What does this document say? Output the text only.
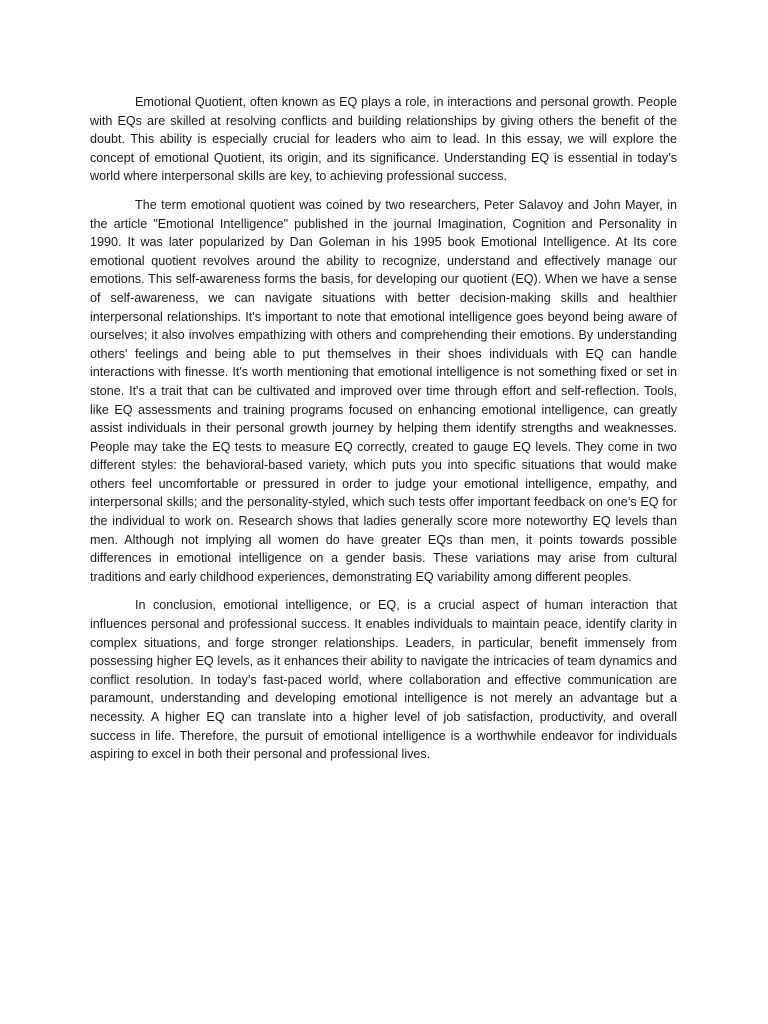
Emotional Quotient, often known as EQ plays a role, in interactions and personal growth. People with EQs are skilled at resolving conflicts and building relationships by giving others the benefit of the doubt. This ability is especially crucial for leaders who aim to lead. In this essay, we will explore the concept of emotional Quotient, its origin, and its significance. Understanding EQ is essential in today’s world where interpersonal skills are key, to achieving professional success.

The term emotional quotient was coined by two researchers, Peter Salavoy and John Mayer, in the article "Emotional Intelligence" published in the journal Imagination, Cognition and Personality in 1990. It was later popularized by Dan Goleman in his 1995 book Emotional Intelligence. At Its core emotional quotient revolves around the ability to recognize, understand and effectively manage our emotions. This self-awareness forms the basis, for developing our quotient (EQ). When we have a sense of self-awareness, we can navigate situations with better decision-making skills and healthier interpersonal relationships. It's important to note that emotional intelligence goes beyond being aware of ourselves; it also involves empathizing with others and comprehending their emotions. By understanding others' feelings and being able to put themselves in their shoes individuals with EQ can handle interactions with finesse. It's worth mentioning that emotional intelligence is not something fixed or set in stone. It's a trait that can be cultivated and improved over time through effort and self-reflection. Tools, like EQ assessments and training programs focused on enhancing emotional intelligence, can greatly assist individuals in their personal growth journey by helping them identify strengths and weaknesses. People may take the EQ tests to measure EQ correctly, created to gauge EQ levels. They come in two different styles: the behavioral-based variety, which puts you into specific situations that would make others feel uncomfortable or pressured in order to judge your emotional intelligence, empathy, and interpersonal skills; and the personality-styled, which such tests offer important feedback on one’s EQ for the individual to work on. Research shows that ladies generally score more noteworthy EQ levels than men. Although not implying all women do have greater EQs than men, it points towards possible differences in emotional intelligence on a gender basis. These variations may arise from cultural traditions and early childhood experiences, demonstrating EQ variability among different peoples.

In conclusion, emotional intelligence, or EQ, is a crucial aspect of human interaction that influences personal and professional success. It enables individuals to maintain peace, identify clarity in complex situations, and forge stronger relationships. Leaders, in particular, benefit immensely from possessing higher EQ levels, as it enhances their ability to navigate the intricacies of team dynamics and conflict resolution. In today's fast-paced world, where collaboration and effective communication are paramount, understanding and developing emotional intelligence is not merely an advantage but a necessity. A higher EQ can translate into a higher level of job satisfaction, productivity, and overall success in life. Therefore, the pursuit of emotional intelligence is a worthwhile endeavor for individuals aspiring to excel in both their personal and professional lives.
